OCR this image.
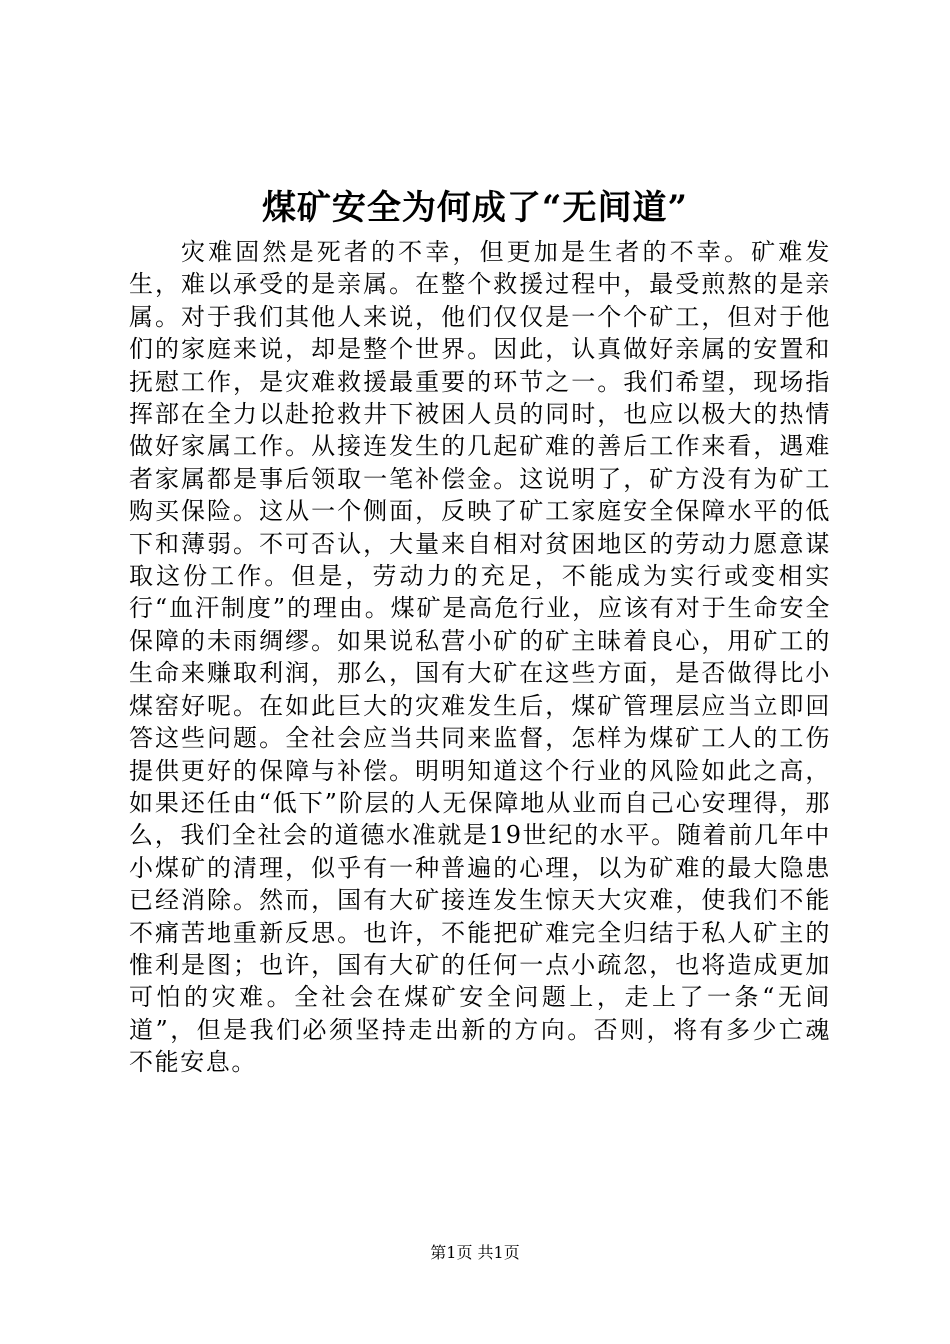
煤矿安全为何成了“无间道”

灾难固然是死者的不幸，但更加是生者的不幸。矿难发生，难以承受的是亲属。在整个救援过程中，最受煎熬的是亲属。对于我们其他人来说，他们仅仅是一个个矿工，但对于他们的家庭来说，却是整个世界。因此，认真做好亲属的安置和抚慰工作，是灾难救援最重要的环节之一。我们希望，现场指挥部在全力以赴抢救井下被困人员的同时，也应以极大的热情做好家属工作。从接连发生的几起矿难的善后工作来看，遇难者家属都是事后领取一笔补偿金。这说明了，矿方没有为矿工购买保险。这从一个侧面，反映了矿工家庭安全保障水平的低下和薄弱。不可否认，大量来自相对贫困地区的劳动力愿意谋取这份工作。但是，劳动力的充足，不能成为实行或变相实行“血汗制度”的理由。煤矿是高危行业，应该有对于生命安全保障的未雨绸缪。如果说私营小矿的矿主昧着良心，用矿工的生命来赚取利润，那么，国有大矿在这些方面，是否做得比小煤窑好呢。在如此巨大的灾难发生后，煤矿管理层应当立即回答这些问题。全社会应当共同来监督，怎样为煤矿工人的工伤提供更好的保障与补偿。明明知道这个行业的风险如此之高，如果还任由“低下”阶层的人无保障地从业而自己心安理得，那么，我们全社会的道德水准就是19世纪的水平。随着前几年中小煤矿的清理，似乎有一种普遍的心理，以为矿难的最大隐患已经消除。然而，国有大矿接连发生惊天大灾难，使我们不能不痛苦地重新反思。也许，不能把矿难完全归结于私人矿主的惟利是图；也许，国有大矿的任何一点小疏忽，也将造成更加可怕的灾难。全社会在煤矿安全问题上，走上了一条“无间道”，但是我们必须坚持走出新的方向。否则，将有多少亡魂不能安息。

第1页 共1页
